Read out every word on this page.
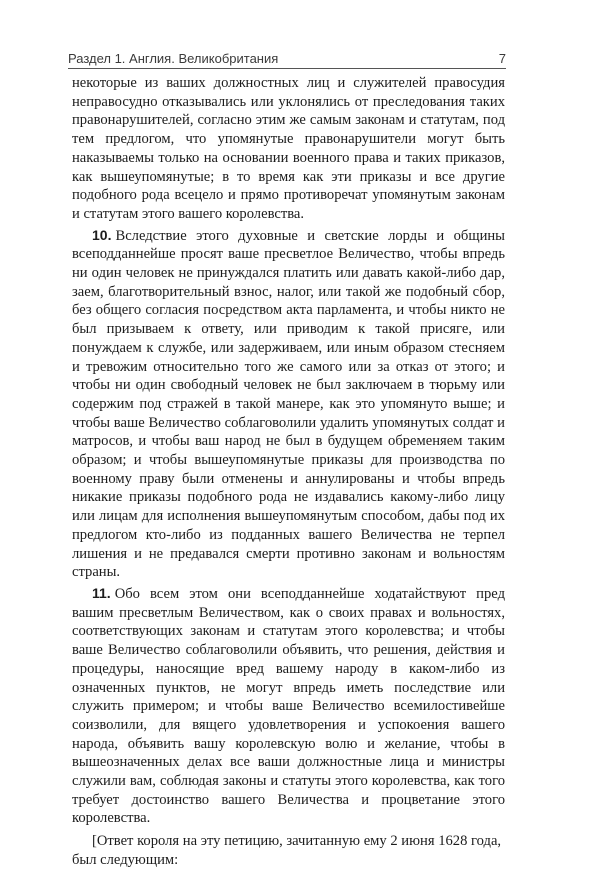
Раздел 1. Англия. Великобритания	7

некоторые из ваших должностных лиц и служителей правосудия неправосудно отказывались или уклонялись от преследования таких правонарушителей, согласно этим же самым законам и статутам, под тем предлогом, что упомянутые правонарушители могут быть наказываемы только на основании военного права и таких приказов, как вышеупомянутые; в то время как эти приказы и все другие подобного рода всецело и прямо противоречат упомянутым законам и статутам этого вашего королевства.

10. Вследствие этого духовные и светские лорды и общины всеподданнейше просят ваше пресветлое Величество, чтобы впредь ни один человек не принуждался платить или давать какой-либо дар, заем, благотворительный взнос, налог, или такой же подобный сбор, без общего согласия посредством акта парламента, и чтобы никто не был призываем к ответу, или приводим к такой присяге, или понуждаем к службе, или задерживаем, или иным образом стесняем и тревожим относительно того же самого или за отказ от этого; и чтобы ни один свободный человек не был заключаем в тюрьму или содержим под стражей в такой манере, как это упомянуто выше; и чтобы ваше Величество соблаговолили удалить упомянутых солдат и матросов, и чтобы ваш народ не был в будущем обременяем таким образом; и чтобы вышеупомянутые приказы для производства по военному праву были отменены и аннулированы и чтобы впредь никакие приказы подобного рода не издавались какому-либо лицу или лицам для исполнения вышеупомянутым способом, дабы под их предлогом кто-либо из подданных вашего Величества не терпел лишения и не предавался смерти противно законам и вольностям страны.

11. Обо всем этом они всеподданнейше ходатайствуют пред вашим пресветлым Величеством, как о своих правах и вольностях, соответствующих законам и статутам этого королевства; и чтобы ваше Величество соблаговолили объявить, что решения, действия и процедуры, наносящие вред вашему народу в каком-либо из означенных пунктов, не могут впредь иметь последствие или служить примером; и чтобы ваше Величество всемилостивейше соизволили, для вящего удовлетворения и успокоения вашего народа, объявить вашу королевскую волю и желание, чтобы в вышеозначенных делах все ваши должностные лица и министры служили вам, соблюдая законы и статуты этого королевства, как того требует достоинство вашего Величества и процветание этого королевства.

[Ответ короля на эту петицию, зачитанную ему 2 июня 1628 года, был следующим:
